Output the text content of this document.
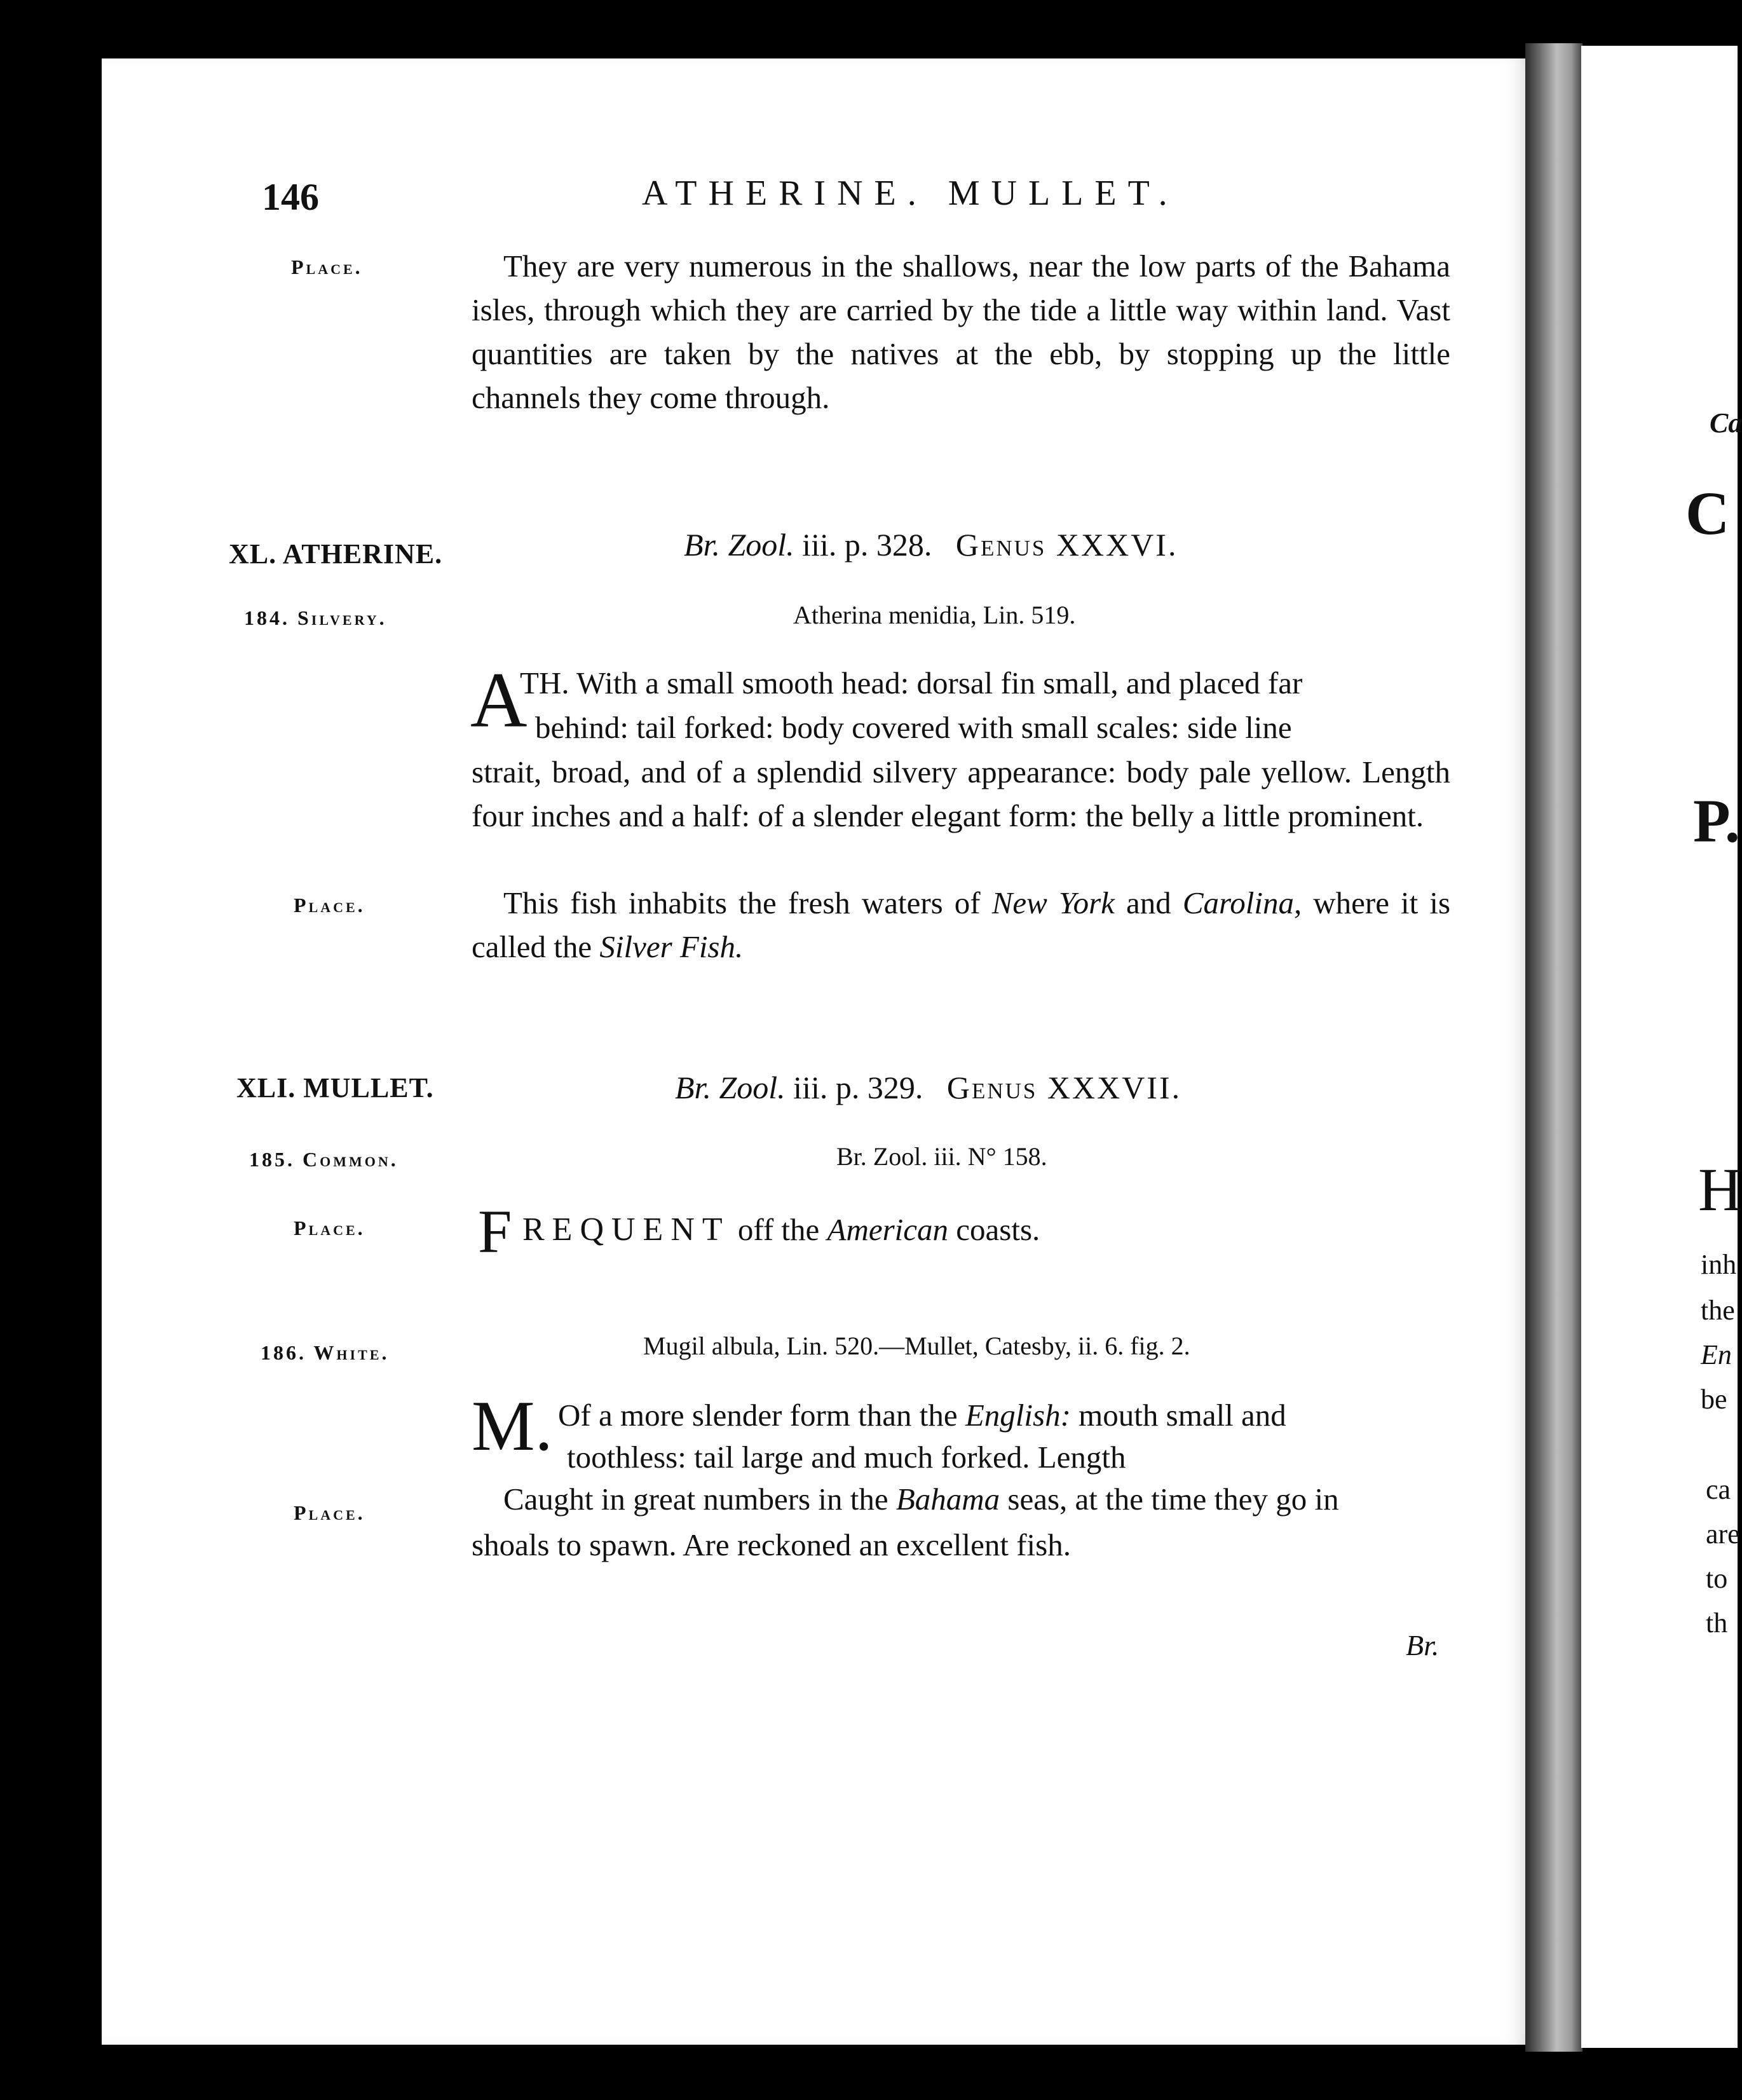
146	ATHERINE. MULLET.
Place.	They are very numerous in the shallows, near the low parts of the Bahama isles, through which they are carried by the tide a little way within land. Vast quantities are taken by the natives at the ebb, by stopping up the little channels they come through.

XL. ATHERINE.	Br. Zool. iii. p. 328. Genus XXXVI.
184. Silvery.	Atherina menidia, Lin. 519.
A
TH. With a small smooth head: dorsal fin small, and placed far
behind: tail forked: body covered with small scales: side line

strait, broad, and of a splendid silvery appearance: body pale yellow. Length four inches and a half: of a slender elegant form: the belly a little prominent.

Place.	This fish inhabits the fresh waters of New York and Carolina, where it is called the Silver Fish.

XLI. MULLET.	Br. Zool. iii. p. 329. Genus XXXVII.
185. Common.	Br. Zool. iii. N° 158.
Place. F REQUENT off the American coasts.
186. White.	Mugil albula, Lin. 520.—Mullet, Catesby, ii. 6. fig. 2.
M. Of a more slender form than the English: mouth small and
toothless: tail large and much forked. Length
Place.	Caught in great numbers in the Bahama seas, at the time they go in
shoals to spawn. Are reckoned an excellent fish.
Br.
Ca
C
P.
H
inh
the
En
be
ca
are
to
th
